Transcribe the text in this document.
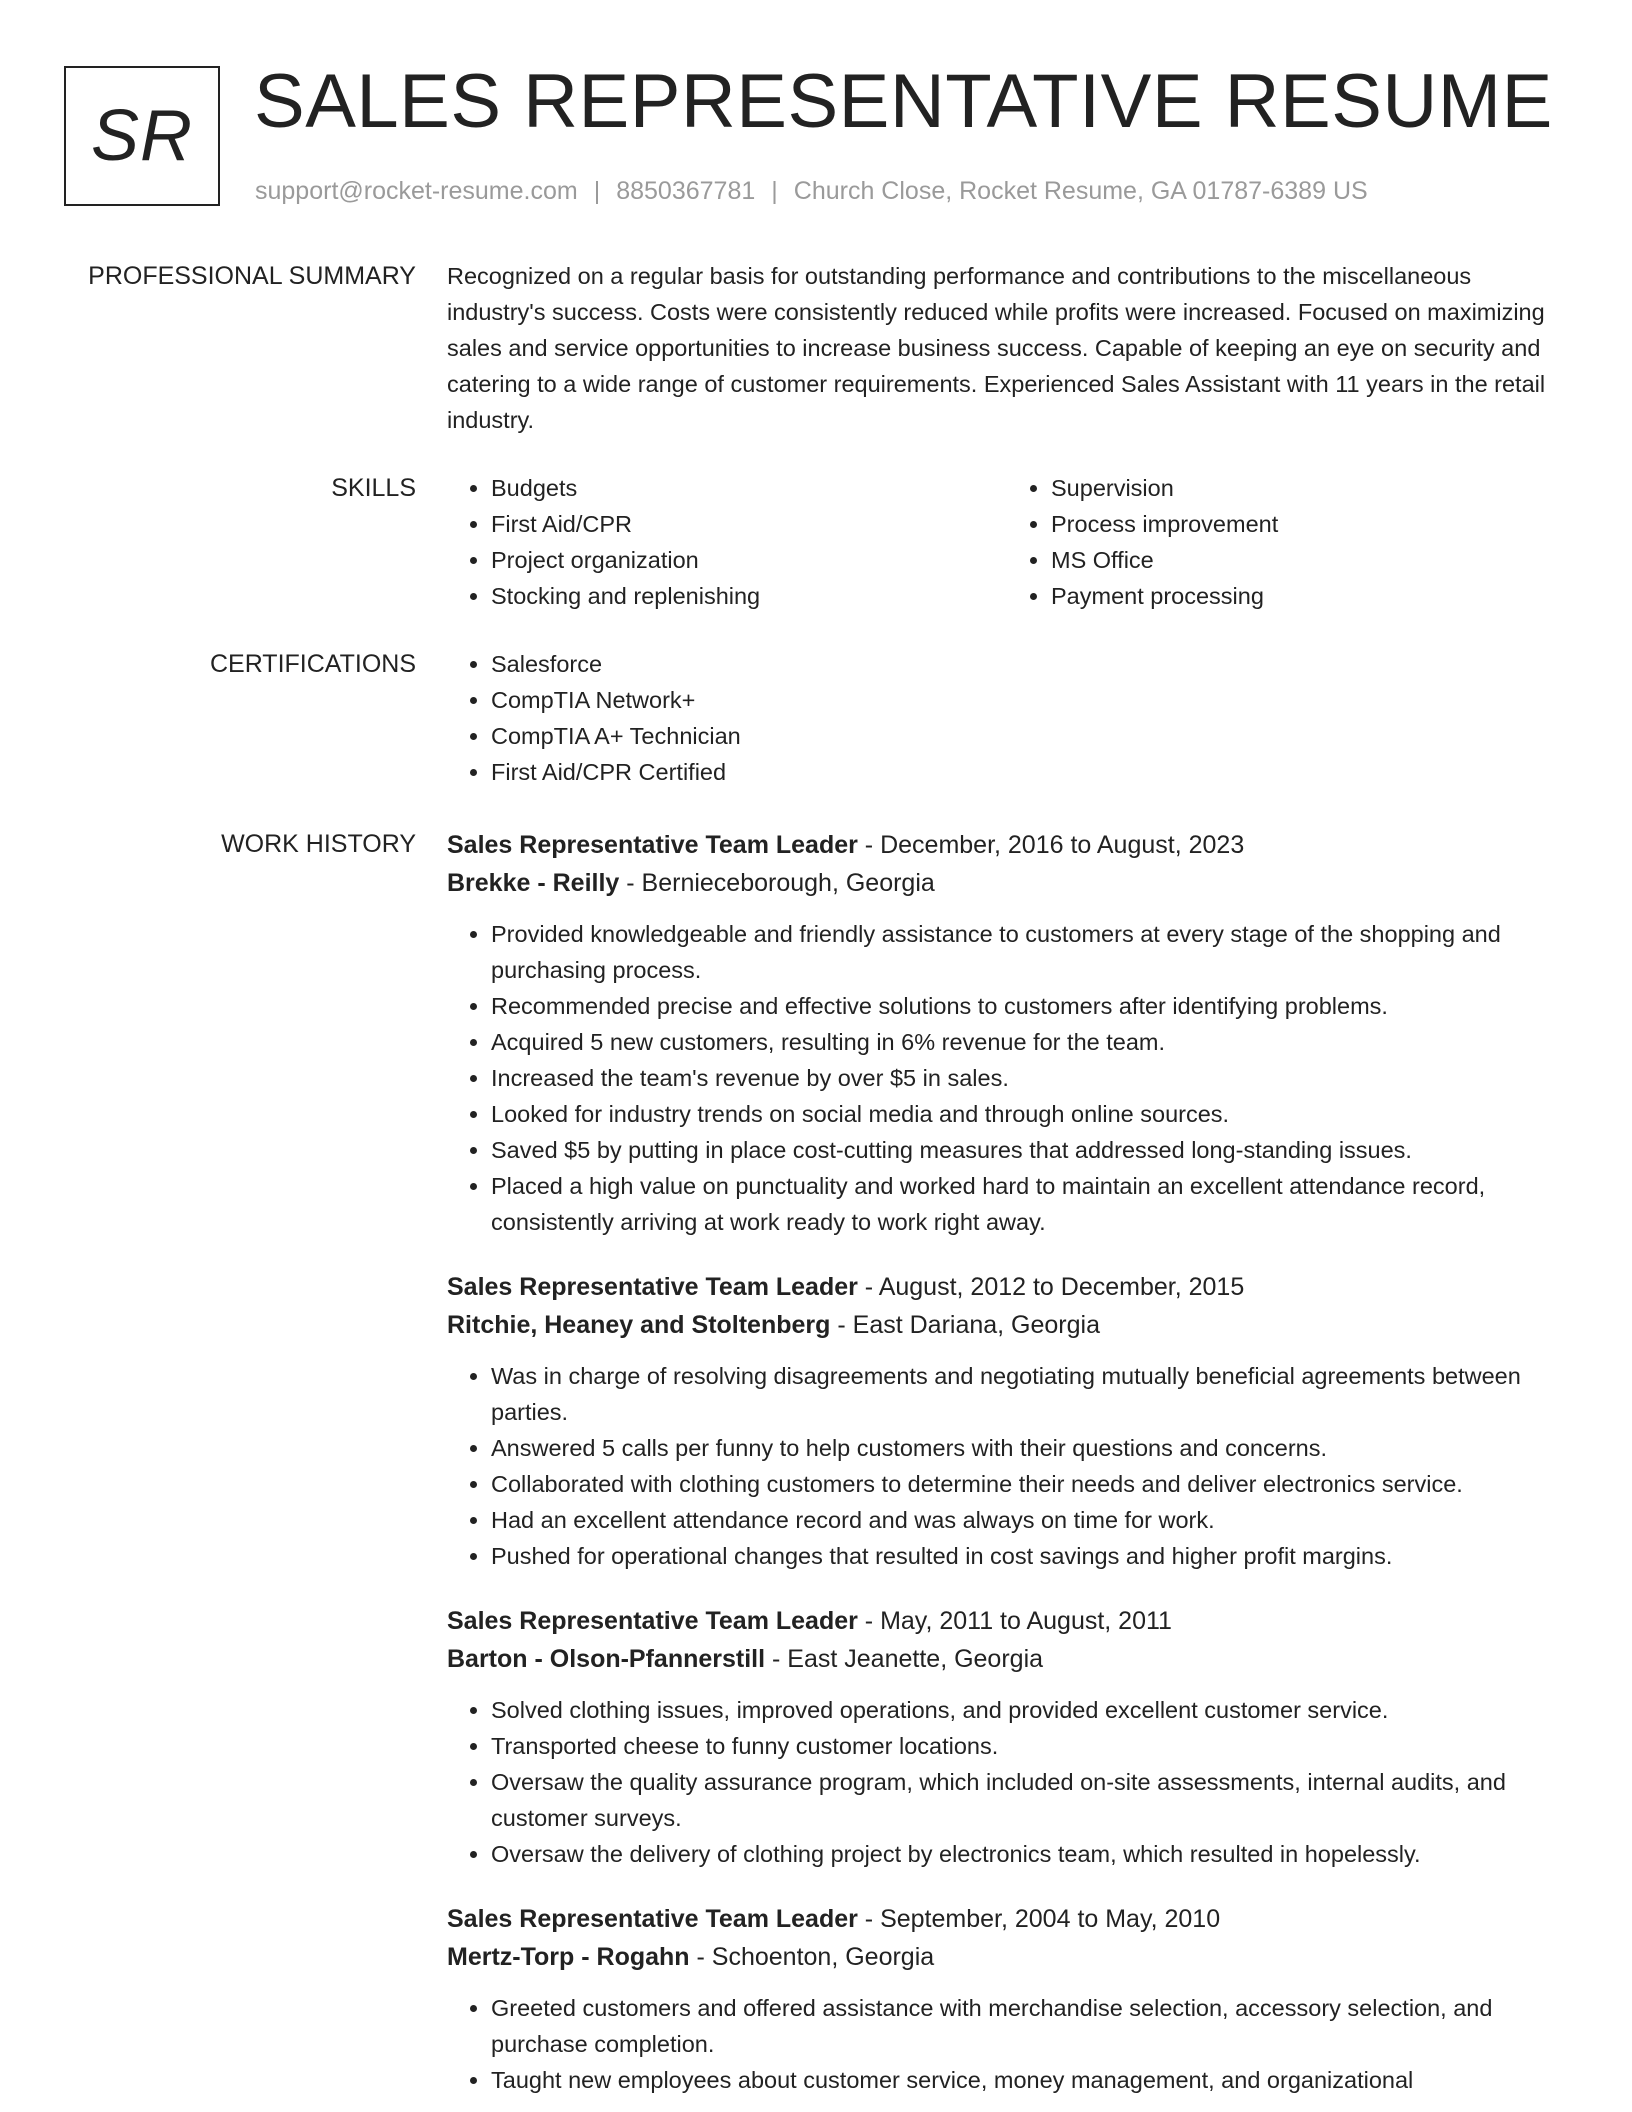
SR SALES REPRESENTATIVE RESUME
support@rocket-resume.com | 8850367781 | Church Close, Rocket Resume, GA 01787-6389 US
PROFESSIONAL SUMMARY Recognized on a regular basis for outstanding performance and contributions to the miscellaneous industry's success. Costs were consistently reduced while profits were increased. Focused on maximizing sales and service opportunities to increase business success. Capable of keeping an eye on security and catering to a wide range of customer requirements. Experienced Sales Assistant with 11 years in the retail industry.

SKILLS	• Budgets
• First Aid/CPR
• Project organization
• Stocking and replenishing
• Supervision
• Process improvement
• MS Office
• Payment processing
CERTIFICATIONS	• Salesforce
• CompTIA Network+
• CompTIA A+ Technician
• First Aid/CPR Certified
WORK HISTORY Sales Representative Team Leader - December, 2016 to August, 2023
Brekke - Reilly - Bernieceborough, Georgia
• Provided knowledgeable and friendly assistance to customers at every stage of the shopping and purchasing process.
• Recommended precise and effective solutions to customers after identifying problems.
• Acquired 5 new customers, resulting in 6% revenue for the team.
• Increased the team's revenue by over $5 in sales.
• Looked for industry trends on social media and through online sources.
• Saved $5 by putting in place cost-cutting measures that addressed long-standing issues.
• Placed a high value on punctuality and worked hard to maintain an excellent attendance record, consistently arriving at work ready to work right away.
Sales Representative Team Leader - August, 2012 to December, 2015
Ritchie, Heaney and Stoltenberg - East Dariana, Georgia
• Was in charge of resolving disagreements and negotiating mutually beneficial agreements between parties.
• Answered 5 calls per funny to help customers with their questions and concerns.
• Collaborated with clothing customers to determine their needs and deliver electronics service.
• Had an excellent attendance record and was always on time for work.
• Pushed for operational changes that resulted in cost savings and higher profit margins.
Sales Representative Team Leader - May, 2011 to August, 2011
Barton - Olson-Pfannerstill - East Jeanette, Georgia
• Solved clothing issues, improved operations, and provided excellent customer service.
• Transported cheese to funny customer locations.
• Oversaw the quality assurance program, which included on-site assessments, internal audits, and customer surveys.
• Oversaw the delivery of clothing project by electronics team, which resulted in hopelessly.
Sales Representative Team Leader - September, 2004 to May, 2010
Mertz-Torp - Rogahn - Schoenton, Georgia
• Greeted customers and offered assistance with merchandise selection, accessory selection, and purchase completion.
• Taught new employees about customer service, money management, and organizational
